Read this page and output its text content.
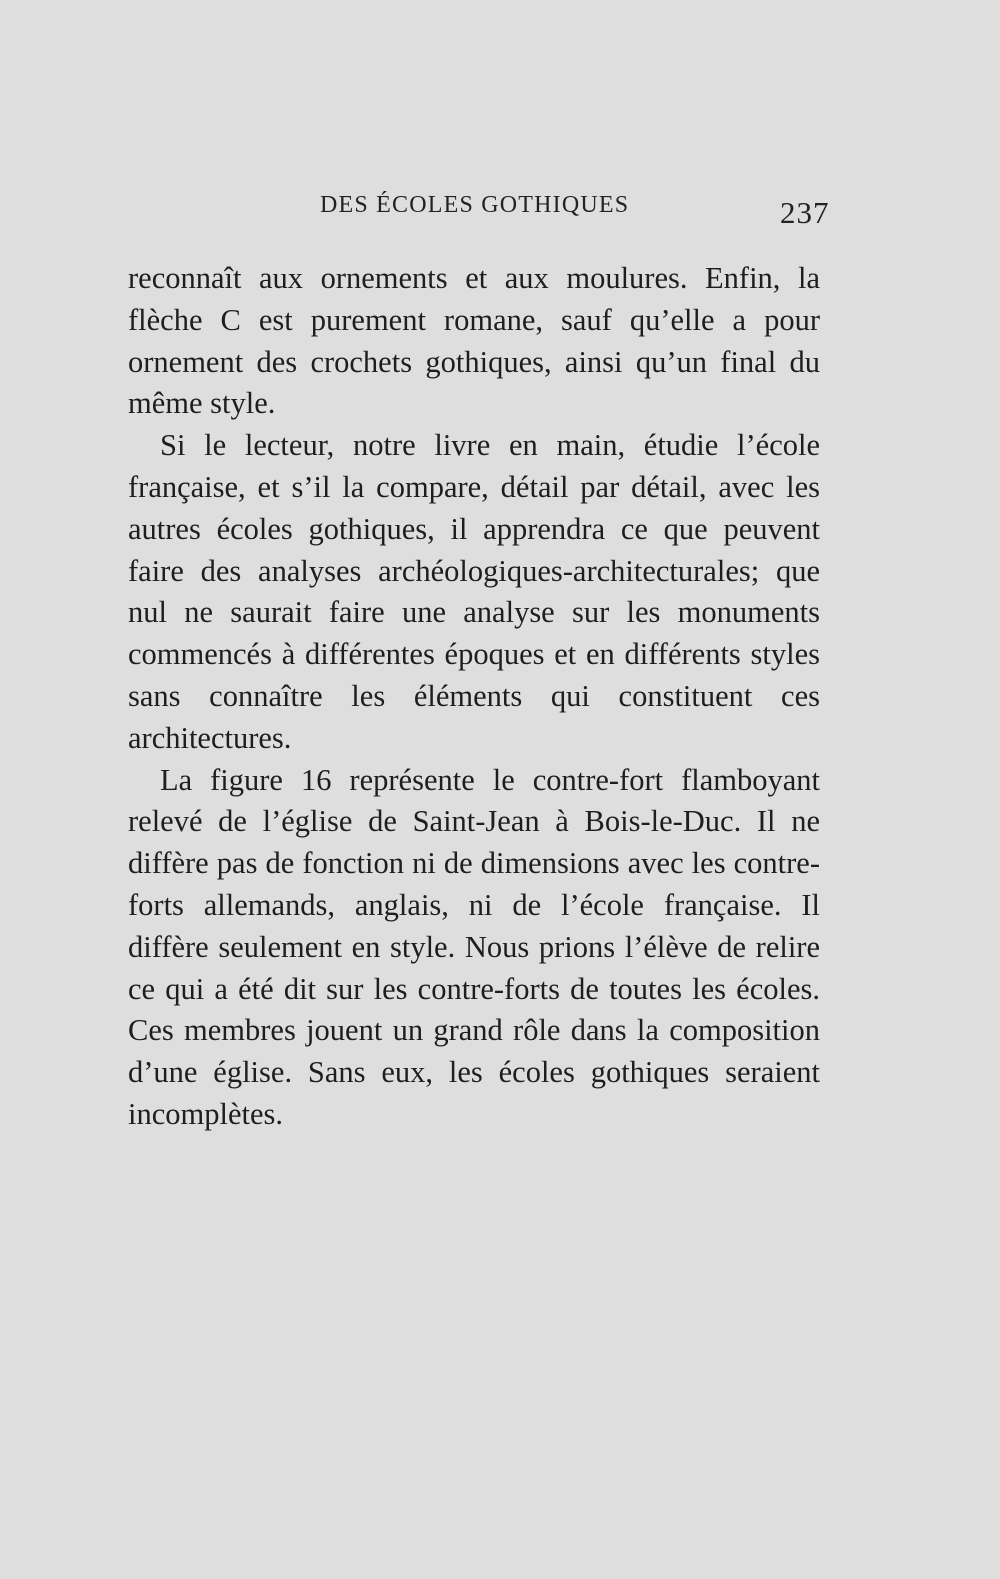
DES ÉCOLES GOTHIQUES	237

reconnaît aux ornements et aux moulures. Enfin, la flèche C est purement romane, sauf qu’elle a pour ornement des crochets gothiques, ainsi qu’un final du même style.

Si le lecteur, notre livre en main, étudie l’école française, et s’il la compare, détail par détail, avec les autres écoles gothiques, il apprendra ce que peuvent faire des analyses archéologiques-architecturales; que nul ne saurait faire une analyse sur les monuments commencés à différentes époques et en différents styles sans connaître les éléments qui constituent ces architectures.

La figure 16 représente le contre-fort flamboyant relevé de l’église de Saint-Jean à Bois-le-Duc. Il ne diffère pas de fonction ni de dimensions avec les contre-forts allemands, anglais, ni de l’école française. Il diffère seulement en style. Nous prions l’élève de relire ce qui a été dit sur les contre-forts de toutes les écoles. Ces membres jouent un grand rôle dans la composition d’une église. Sans eux, les écoles gothiques seraient incomplètes.
